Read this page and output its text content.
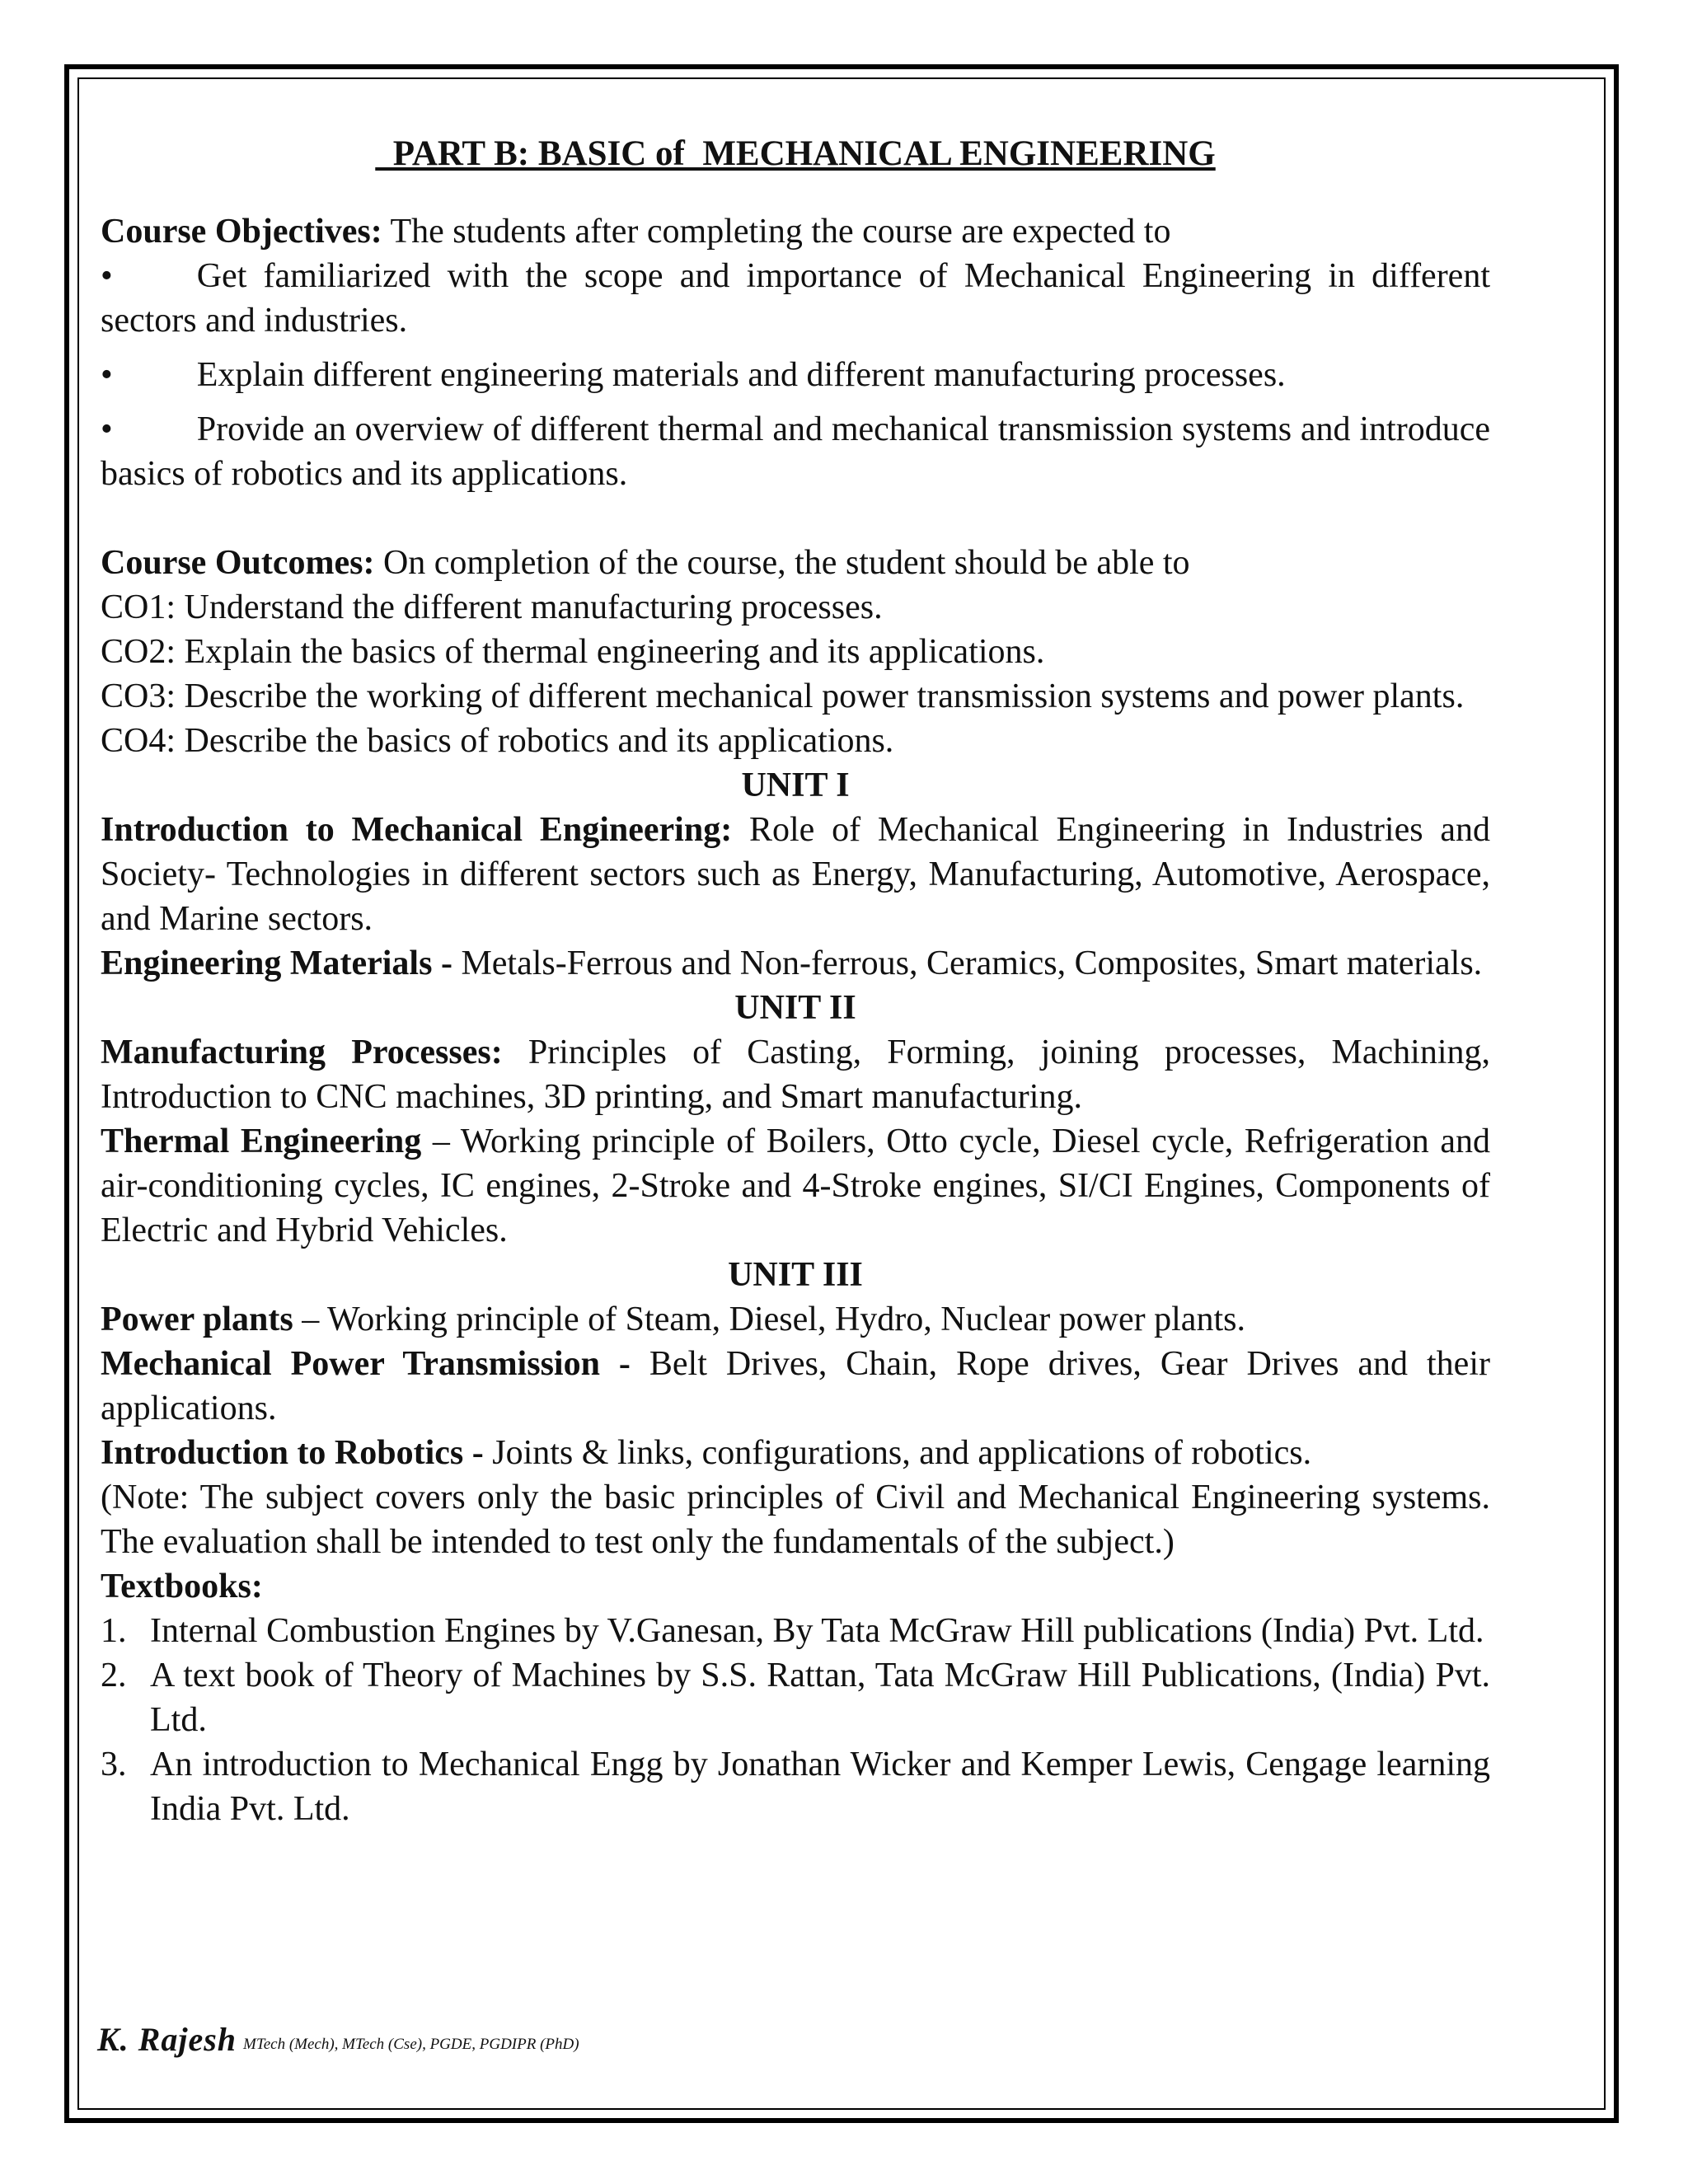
PART B: BASIC of  MECHANICAL ENGINEERING

Course Objectives: The students after completing the course are expected to

• Get familiarized with the scope and importance of Mechanical Engineering in different sectors and industries.

• Explain different engineering materials and different manufacturing processes.

• Provide an overview of different thermal and mechanical transmission systems and introduce basics of robotics and its applications.

Course Outcomes: On completion of the course, the student should be able to

CO1: Understand the different manufacturing processes.

CO2: Explain the basics of thermal engineering and its applications.

CO3: Describe the working of different mechanical power transmission systems and power plants.

CO4: Describe the basics of robotics and its applications.

UNIT I

Introduction to Mechanical Engineering: Role of Mechanical Engineering in Industries and Society- Technologies in different sectors such as Energy, Manufacturing, Automotive, Aerospace, and Marine sectors.

Engineering Materials - Metals-Ferrous and Non-ferrous, Ceramics, Composites, Smart materials.

UNIT II

Manufacturing Processes: Principles of Casting, Forming, joining processes, Machining, Introduction to CNC machines, 3D printing, and Smart manufacturing.

Thermal Engineering – Working principle of Boilers, Otto cycle, Diesel cycle, Refrigeration and air-conditioning cycles, IC engines, 2-Stroke and 4-Stroke engines, SI/CI Engines, Components of Electric and Hybrid Vehicles.

UNIT III

Power plants – Working principle of Steam, Diesel, Hydro, Nuclear power plants.

Mechanical Power Transmission - Belt Drives, Chain, Rope drives, Gear Drives and their applications.

Introduction to Robotics - Joints & links, configurations, and applications of robotics.

(Note: The subject covers only the basic principles of Civil and Mechanical Engineering systems. The evaluation shall be intended to test only the fundamentals of the subject.)

Textbooks:

1. Internal Combustion Engines by V.Ganesan, By Tata McGraw Hill publications (India) Pvt. Ltd.
2. A text book of Theory of Machines by S.S. Rattan, Tata McGraw Hill Publications, (India) Pvt. Ltd.
3. An introduction to Mechanical Engg by Jonathan Wicker and Kemper Lewis, Cengage learning India Pvt. Ltd.
K. Rajesh MTech (Mech), MTech (Cse), PGDE, PGDIPR (PhD)
